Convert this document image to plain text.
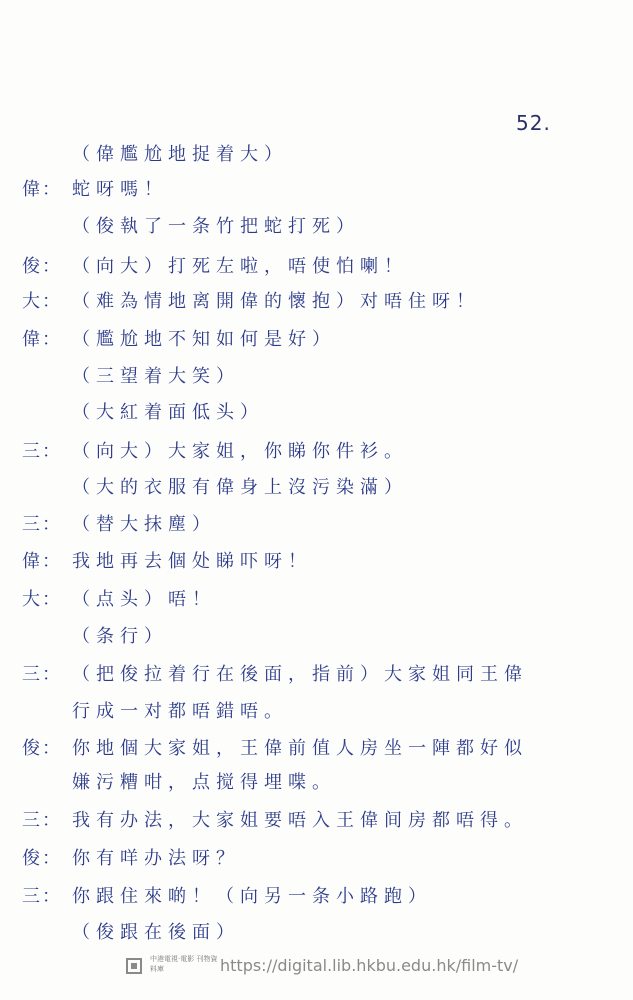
52.
（偉尷尬地捉着大）
偉： 蛇呀嗎！
（俊執了一条竹把蛇打死）
俊： （向大）打死左啦，唔使怕喇！
大： （难為情地离開偉的懷抱）对唔住呀！
偉： （尷尬地不知如何是好）
（三望着大笑）
（大紅着面低头）
三： （向大）大家姐，你睇你件衫。
（大的衣服有偉身上沒污染滿）
三： （替大抹塵）
偉： 我地再去個处睇吓呀！
大： （点头）唔！
（条行）
三： （把俊拉着行在後面，指前）大家姐同王偉
行成一对都唔錯唔。
俊： 你地個大家姐，王偉前值人房坐一陣都好似
嫌污糟咁，点搅得埋喋。
三： 我有办法，大家姐要唔入王偉间房都唔得。
俊： 你有咩办法呀？
三： 你跟住來啲！（向另一条小路跑）
（俊跟在後面）
中港電視·電影 刊物資料庫	https://digital.lib.hkbu.edu.hk/film-tv/
